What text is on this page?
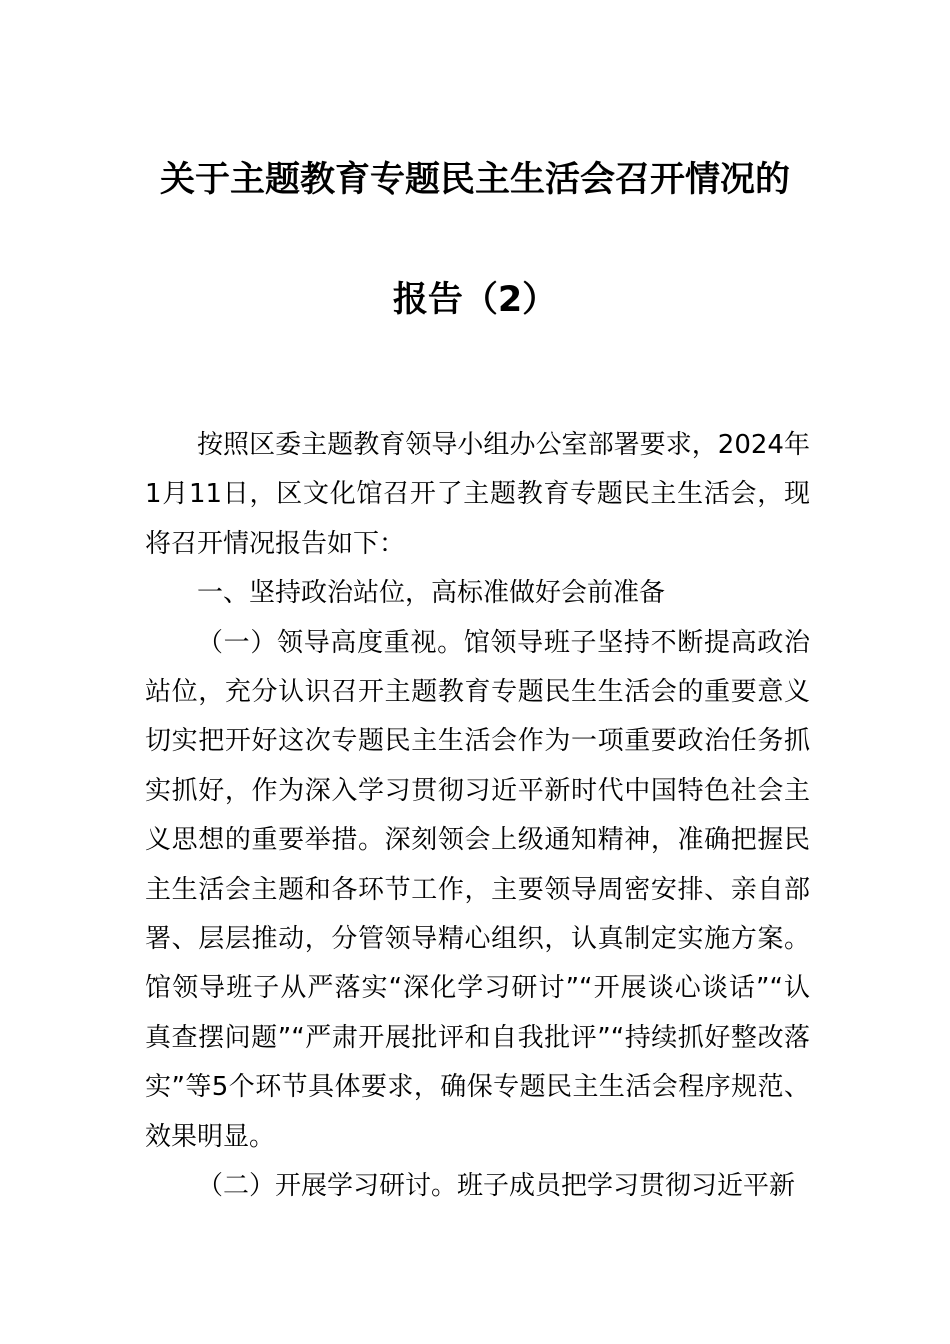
关于主题教育专题民主生活会召开情况的
报告（2）

按照区委主题教育领导小组办公室部署要求，2024年1月11日，区文化馆召开了主题教育专题民主生活会，现将召开情况报告如下：

一、坚持政治站位，高标准做好会前准备

（一）领导高度重视。馆领导班子坚持不断提高政治站位，充分认识召开主题教育专题民生生活会的重要意义切实把开好这次专题民主生活会作为一项重要政治任务抓实抓好，作为深入学习贯彻习近平新时代中国特色社会主义思想的重要举措。深刻领会上级通知精神，准确把握民主生活会主题和各环节工作，主要领导周密安排、亲自部署、层层推动，分管领导精心组织，认真制定实施方案。馆领导班子从严落实“深化学习研讨”“开展谈心谈话”“认真查摆问题”“严肃开展批评和自我批评”“持续抓好整改落实”等5个环节具体要求，确保专题民主生活会程序规范、效果明显。

（二）开展学习研讨。班子成员把学习贯彻习近平新
